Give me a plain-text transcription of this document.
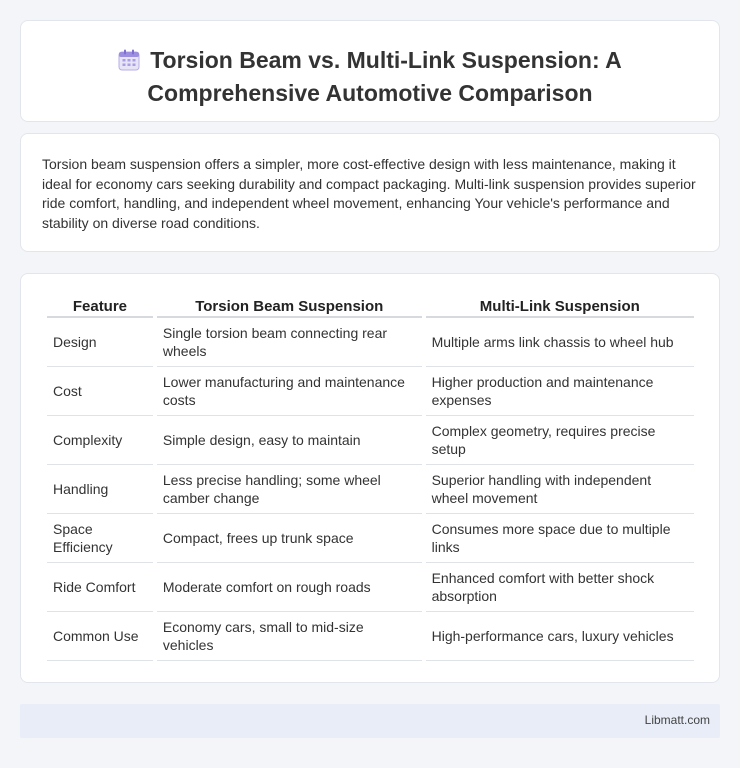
Torsion Beam vs. Multi-Link Suspension: A Comprehensive Automotive Comparison

Torsion beam suspension offers a simpler, more cost-effective design with less maintenance, making it ideal for economy cars seeking durability and compact packaging. Multi-link suspension provides superior ride comfort, handling, and independent wheel movement, enhancing Your vehicle's performance and stability on diverse road conditions.

Feature	Torsion Beam Suspension	Multi-Link Suspension
Design	Single torsion beam connecting rear wheels	Multiple arms link chassis to wheel hub
Cost	Lower manufacturing and maintenance costs	Higher production and maintenance expenses
Complexity	Simple design, easy to maintain	Complex geometry, requires precise setup
Handling	Less precise handling; some wheel camber change	Superior handling with independent wheel movement
Space Efficiency	Compact, frees up trunk space	Consumes more space due to multiple links
Ride Comfort	Moderate comfort on rough roads	Enhanced comfort with better shock absorption
Common Use	Economy cars, small to mid-size vehicles	High-performance cars, luxury vehicles
Libmatt.com
